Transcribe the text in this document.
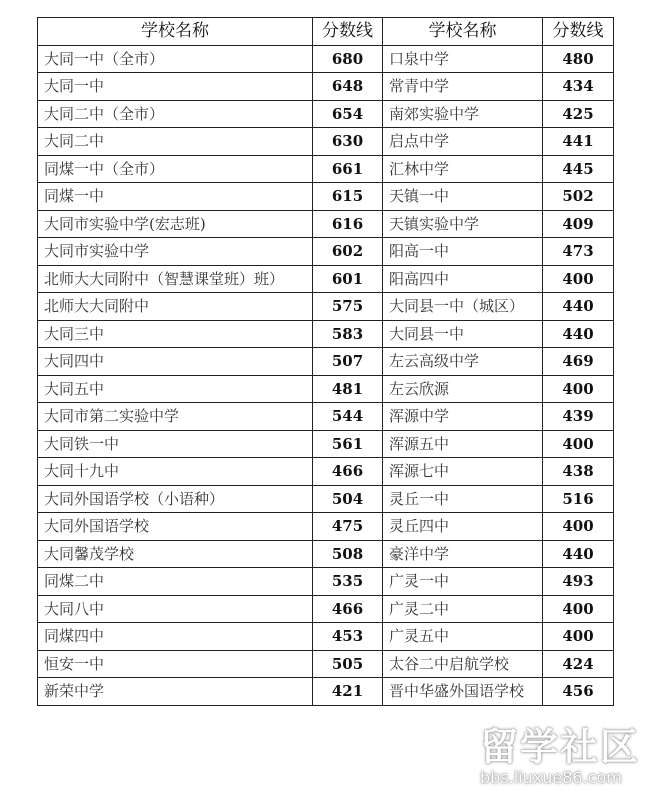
学校名称	分数线	学校名称	分数线
大同一中（全市）	680	口泉中学	480
大同一中	648	常青中学	434
大同二中（全市）	654	南郊实验中学	425
大同二中	630	启点中学	441
同煤一中（全市）	661	汇林中学	445
同煤一中	615	天镇一中	502
大同市实验中学(宏志班)	616	天镇实验中学	409
大同市实验中学	602	阳高一中	473
北师大大同附中（智慧课堂班）班）	601	阳高四中	400
北师大大同附中	575	大同县一中（城区）	440
大同三中	583	大同县一中	440
大同四中	507	左云高级中学	469
大同五中	481	左云欣源	400
大同市第二实验中学	544	浑源中学	439
大同铁一中	561	浑源五中	400
大同十九中	466	浑源七中	438
大同外国语学校（小语种）	504	灵丘一中	516
大同外国语学校	475	灵丘四中	400
大同馨茂学校	508	豪洋中学	440
同煤二中	535	广灵一中	493
大同八中	466	广灵二中	400
同煤四中	453	广灵五中	400
恒安一中	505	太谷二中启航学校	424
新荣中学	421	晋中华盛外国语学校	456
留学社区
bbs.liuxue86.com
